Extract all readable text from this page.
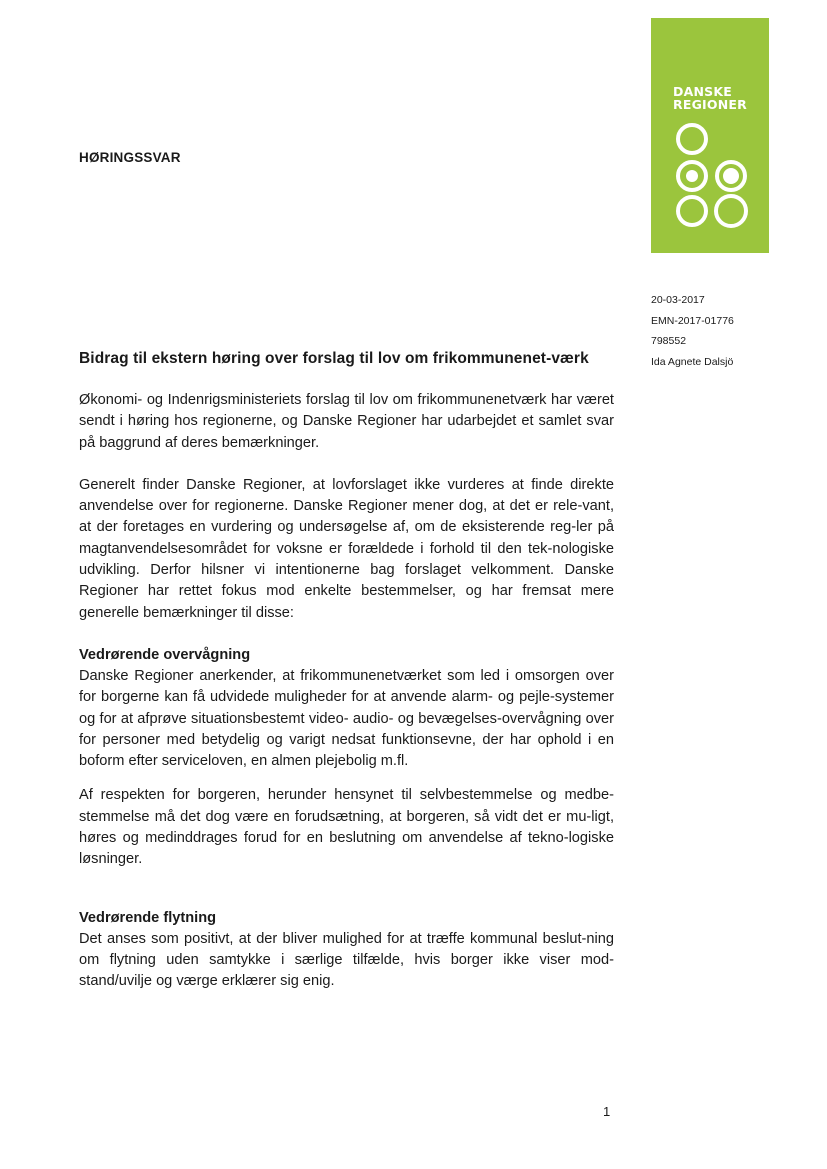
DANSKE
REGIONER
HØRINGSSVAR
20-03-2017
EMN-2017-01776
798552
Ida Agnete Dalsjö
Bidrag til ekstern høring over forslag til lov om frikommunenet-værk
Økonomi- og Indenrigsministeriets forslag til lov om frikommunenetværk har været sendt i høring hos regionerne, og Danske Regioner har udarbejdet et samlet svar på baggrund af deres bemærkninger.
Generelt finder Danske Regioner, at lovforslaget ikke vurderes at finde direkte anvendelse over for regionerne. Danske Regioner mener dog, at det er rele-vant, at der foretages en vurdering og undersøgelse af, om de eksisterende reg-ler på magtanvendelsesområdet for voksne er forældede i forhold til den tek-nologiske udvikling. Derfor hilsner vi intentionerne bag forslaget velkomment. Danske Regioner har rettet fokus mod enkelte bestemmelser, og har fremsat mere generelle bemærkninger til disse:
Vedrørende overvågning
Danske Regioner anerkender, at frikommunenetværket som led i omsorgen over for borgerne kan få udvidede muligheder for at anvende alarm- og pejle-systemer og for at afprøve situationsbestemt video- audio- og bevægelses-overvågning over for personer med betydelig og varigt nedsat funktionsevne, der har ophold i en boform efter serviceloven, en almen plejebolig m.fl.
Af respekten for borgeren, herunder hensynet til selvbestemmelse og medbe-stemmelse må det dog være en forudsætning, at borgeren, så vidt det er mu-ligt, høres og medinddrages forud for en beslutning om anvendelse af tekno-logiske løsninger.
Vedrørende flytning
Det anses som positivt, at der bliver mulighed for at træffe kommunal beslut-ning om flytning uden samtykke i særlige tilfælde, hvis borger ikke viser mod-stand/uvilje og værge erklærer sig enig.
1
